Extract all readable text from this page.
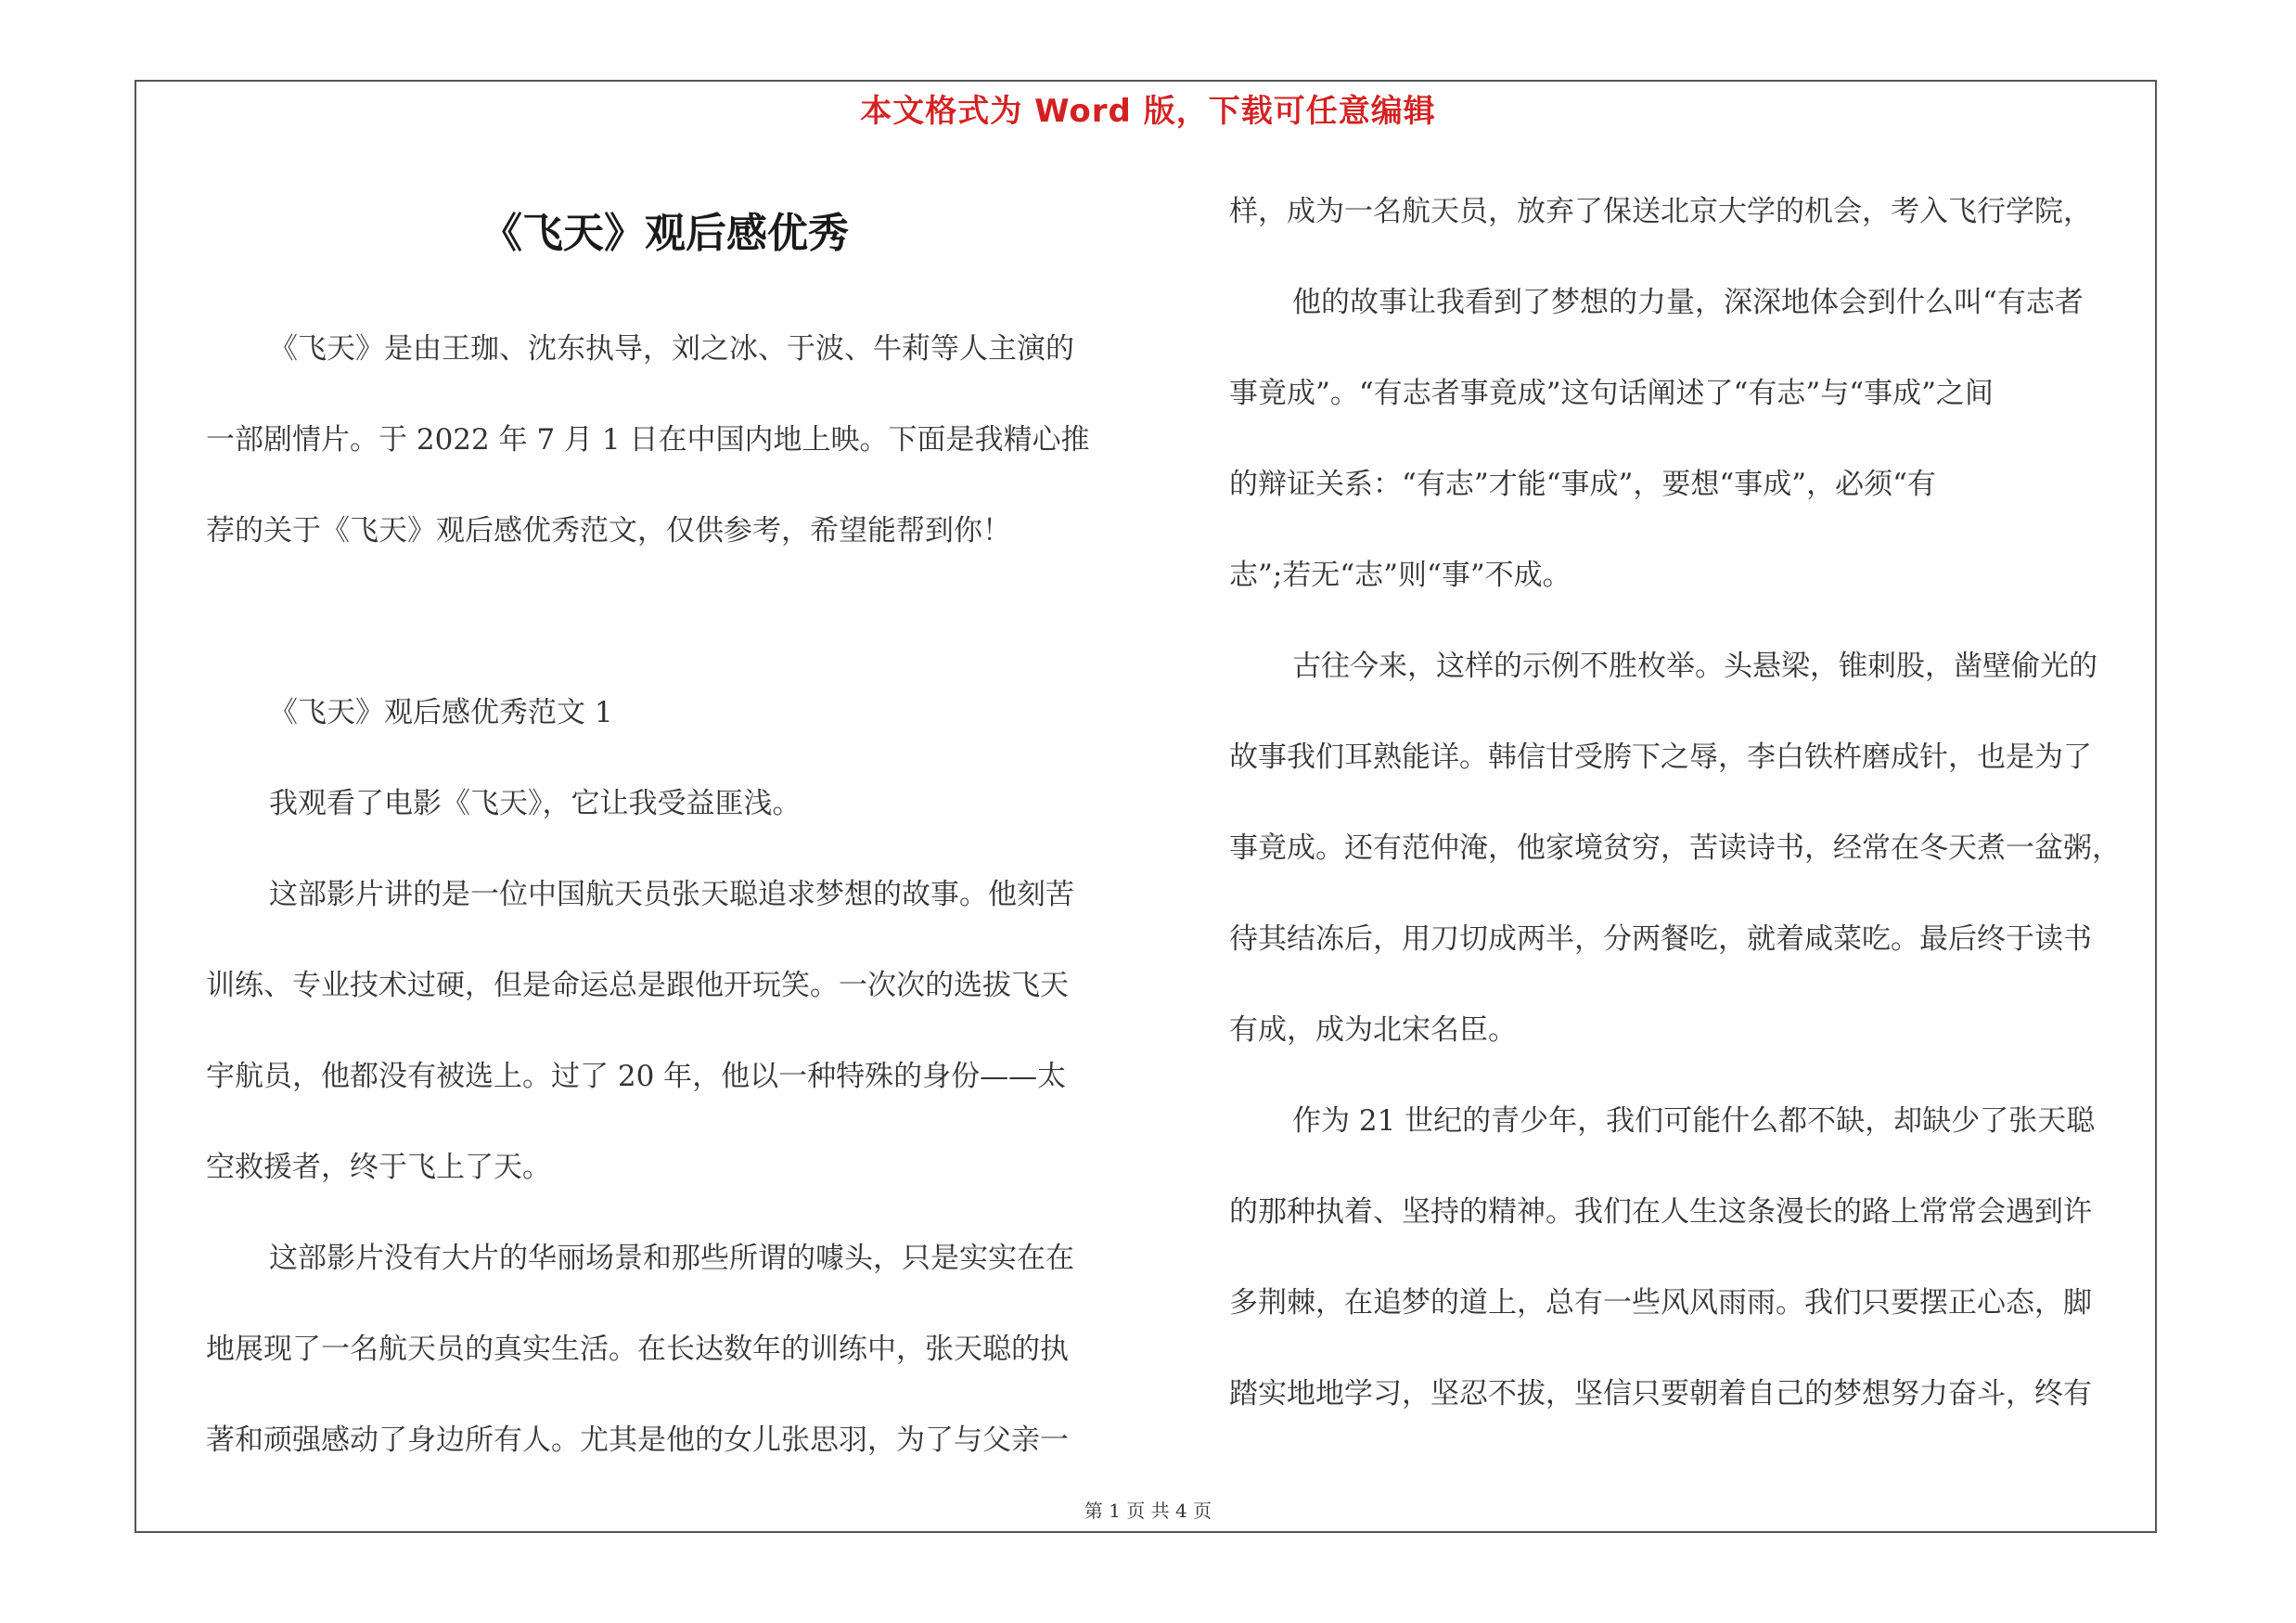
本文格式为 Word 版，下载可任意编辑
《飞天》观后感优秀
《飞天》是由王珈、沈东执导，刘之冰、于波、牛莉等人主演的
一部剧情片。于 2022 年 7 月 1 日在中国内地上映。下面是我精心推
荐的关于《飞天》观后感优秀范文，仅供参考，希望能帮到你！
《飞天》观后感优秀范文 1
我观看了电影《飞天》，它让我受益匪浅。
这部影片讲的是一位中国航天员张天聪追求梦想的故事。他刻苦
训练、专业技术过硬，但是命运总是跟他开玩笑。一次次的选拔飞天
宇航员，他都没有被选上。过了 20 年，他以一种特殊的身份——太
空救援者，终于飞上了天。
这部影片没有大片的华丽场景和那些所谓的噱头，只是实实在在
地展现了一名航天员的真实生活。在长达数年的训练中，张天聪的执
著和顽强感动了身边所有人。尤其是他的女儿张思羽，为了与父亲一
样，成为一名航天员，放弃了保送北京大学的机会，考入飞行学院，
他的故事让我看到了梦想的力量，深深地体会到什么叫“有志者
事竟成”。“有志者事竟成”这句话阐述了“有志”与“事成”之间
的辩证关系：“有志”才能“事成”，要想“事成”，必须“有
志”;若无“志”则“事”不成。
古往今来，这样的示例不胜枚举。头悬梁，锥刺股，凿壁偷光的
故事我们耳熟能详。韩信甘受胯下之辱，李白铁杵磨成针，也是为了
事竟成。还有范仲淹，他家境贫穷，苦读诗书，经常在冬天煮一盆粥，
待其结冻后，用刀切成两半，分两餐吃，就着咸菜吃。最后终于读书
有成，成为北宋名臣。
作为 21 世纪的青少年，我们可能什么都不缺，却缺少了张天聪
的那种执着、坚持的精神。我们在人生这条漫长的路上常常会遇到许
多荆棘，在追梦的道上，总有一些风风雨雨。我们只要摆正心态，脚
踏实地地学习，坚忍不拔，坚信只要朝着自己的梦想努力奋斗，终有
第 1 页 共 4 页
